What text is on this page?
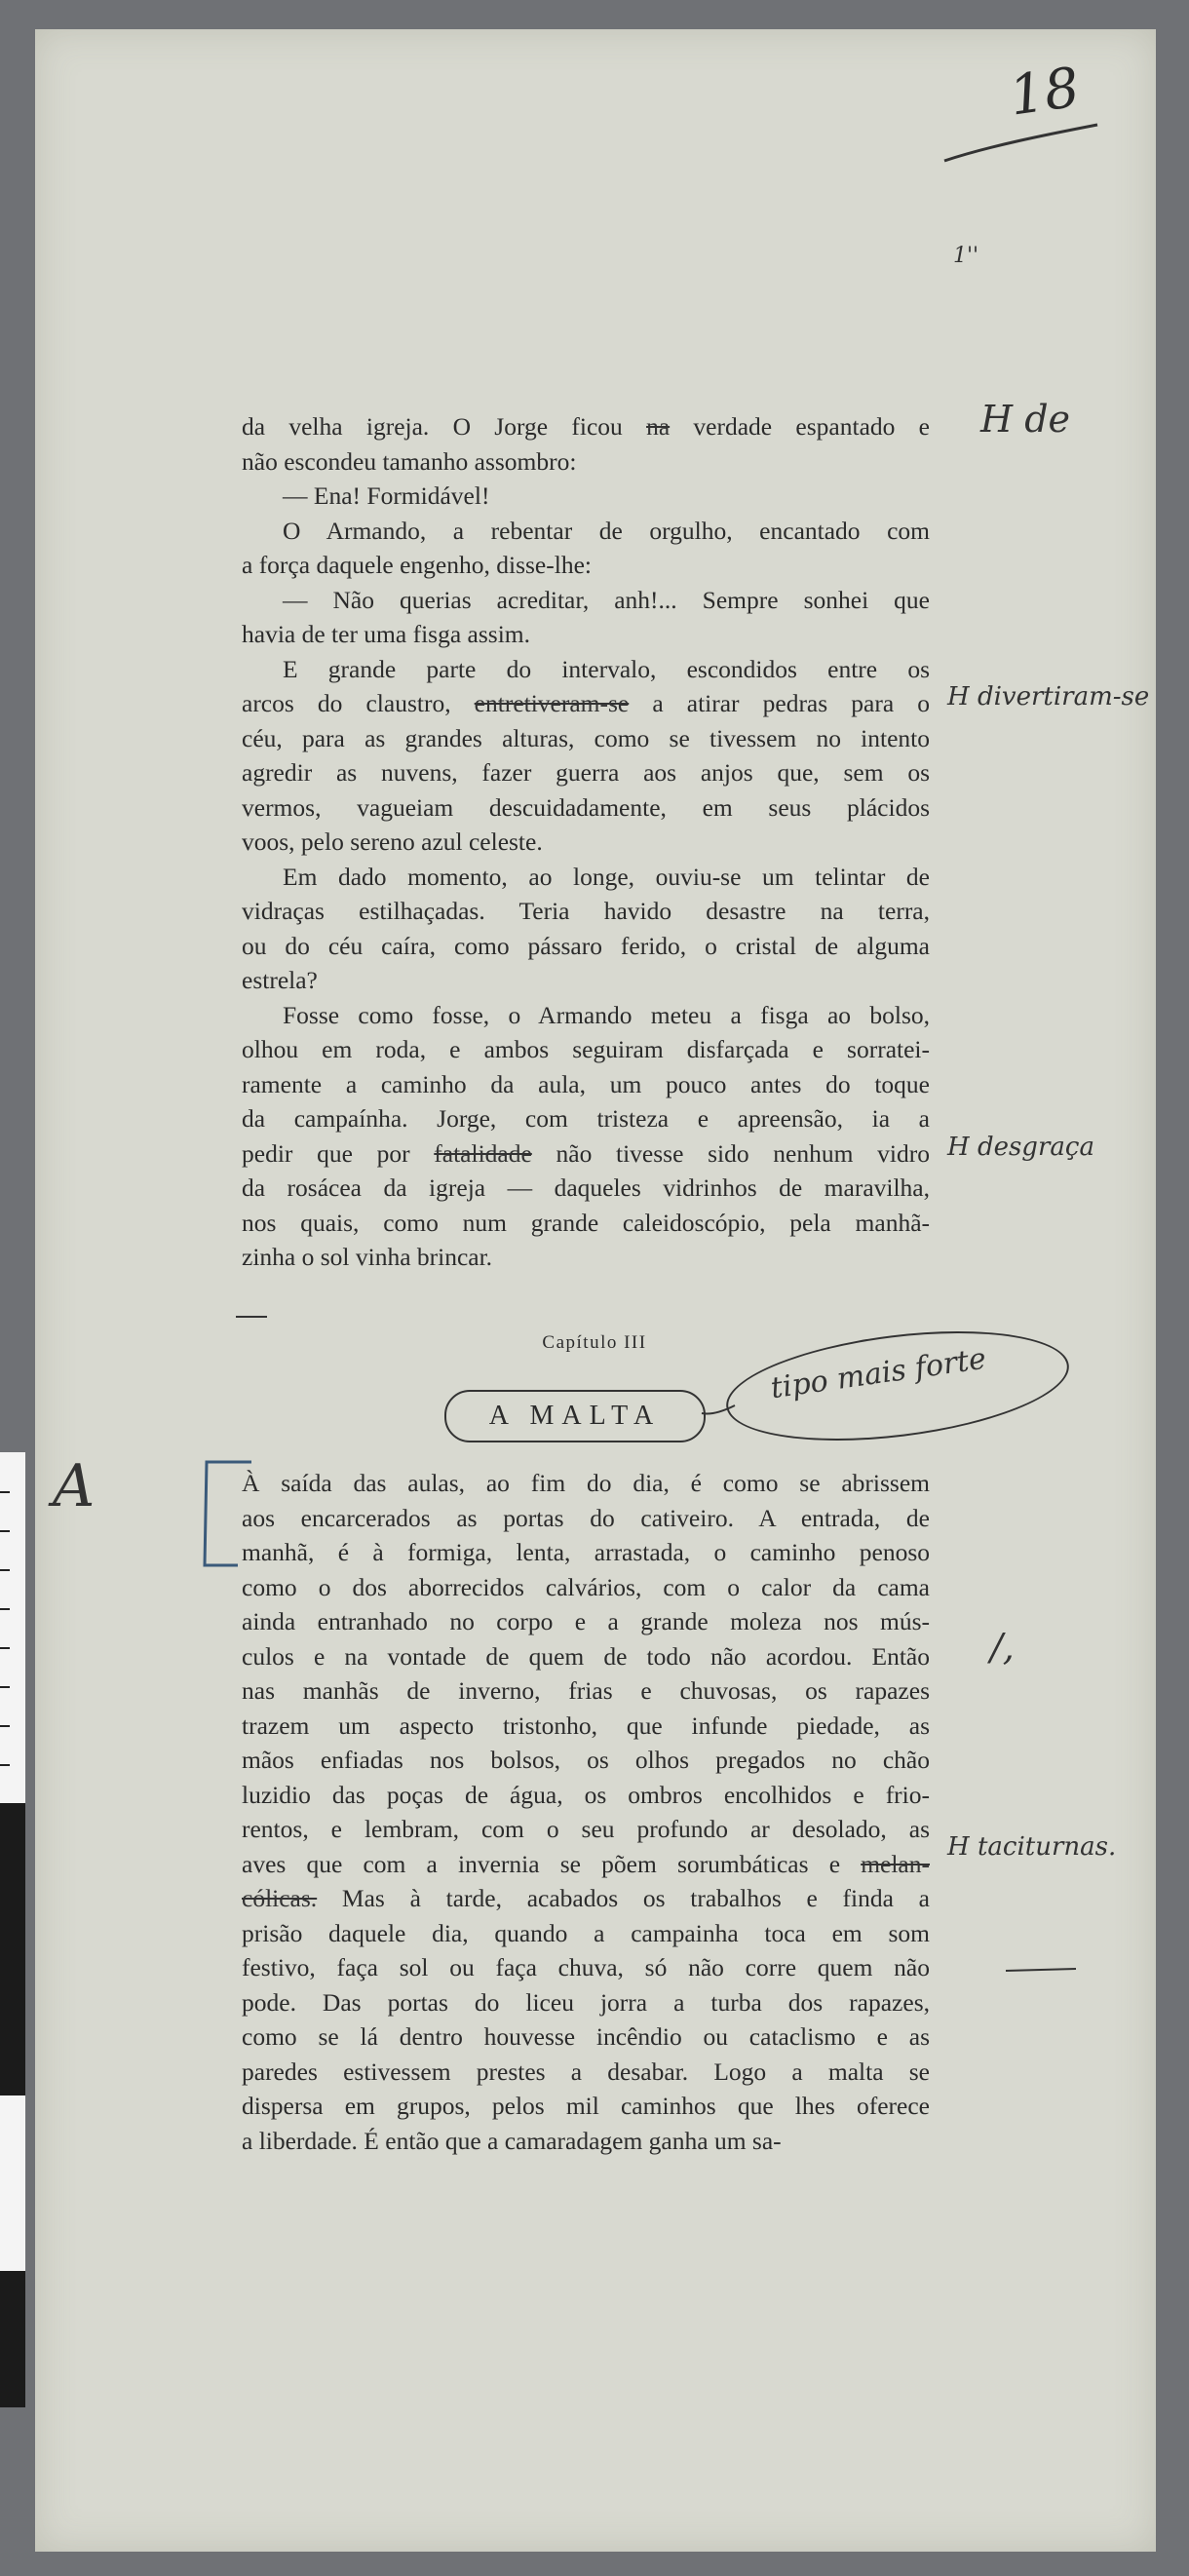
18
1''
da velha igreja. O Jorge ficou na verdade espantado e
não escondeu tamanho assombro:
— Ena! Formidável!
O Armando, a rebentar de orgulho, encantado com
a força daquele engenho, disse-lhe:
— Não querias acreditar, anh!... Sempre sonhei que
havia de ter uma fisga assim.
E grande parte do intervalo, escondidos entre os
arcos do claustro, entretiveram-se a atirar pedras para o
céu, para as grandes alturas, como se tivessem no intento
agredir as nuvens, fazer guerra aos anjos que, sem os
vermos, vagueiam descuidadamente, em seus plácidos
voos, pelo sereno azul celeste.
Em dado momento, ao longe, ouviu-se um telintar de
vidraças estilhaçadas. Teria havido desastre na terra,
ou do céu caíra, como pássaro ferido, o cristal de alguma
estrela?
Fosse como fosse, o Armando meteu a fisga ao bolso,
olhou em roda, e ambos seguiram disfarçada e sorratei-
ramente a caminho da aula, um pouco antes do toque
da campaínha. Jorge, com tristeza e apreensão, ia a
pedir que por fatalidade não tivesse sido nenhum vidro
da rosácea da igreja — daqueles vidrinhos de maravilha,
nos quais, como num grande caleidoscópio, pela manhã-
zinha o sol vinha brincar.
Capítulo III
A MALTA
tipo mais forte
A	À saída das aulas, ao fim do dia, é como se abrissem
aos encarcerados as portas do cativeiro. A entrada, de
manhã, é à formiga, lenta, arrastada, o caminho penoso
como o dos aborrecidos calvários, com o calor da cama
ainda entranhado no corpo e a grande moleza nos mús-
culos e na vontade de quem de todo não acordou. Então
nas manhãs de inverno, frias e chuvosas, os rapazes
trazem um aspecto tristonho, que infunde piedade, as
mãos enfiadas nos bolsos, os olhos pregados no chão
luzidio das poças de água, os ombros encolhidos e frio-
rentos, e lembram, com o seu profundo ar desolado, as
aves que com a invernia se põem sorumbáticas e melan-
cólicas. Mas à tarde, acabados os trabalhos e finda a
prisão daquele dia, quando a campainha toca em som
festivo, faça sol ou faça chuva, só não corre quem não
pode. Das portas do liceu jorra a turba dos rapazes,
como se lá dentro houvesse incêndio ou cataclismo e as
paredes estivessem prestes a desabar. Logo a malta se
dispersa em grupos, pelos mil caminhos que lhes oferece
a liberdade. É então que a camaradagem ganha um sa-
H de
H divertiram-se
H desgraça
/,
H taciturnas.
